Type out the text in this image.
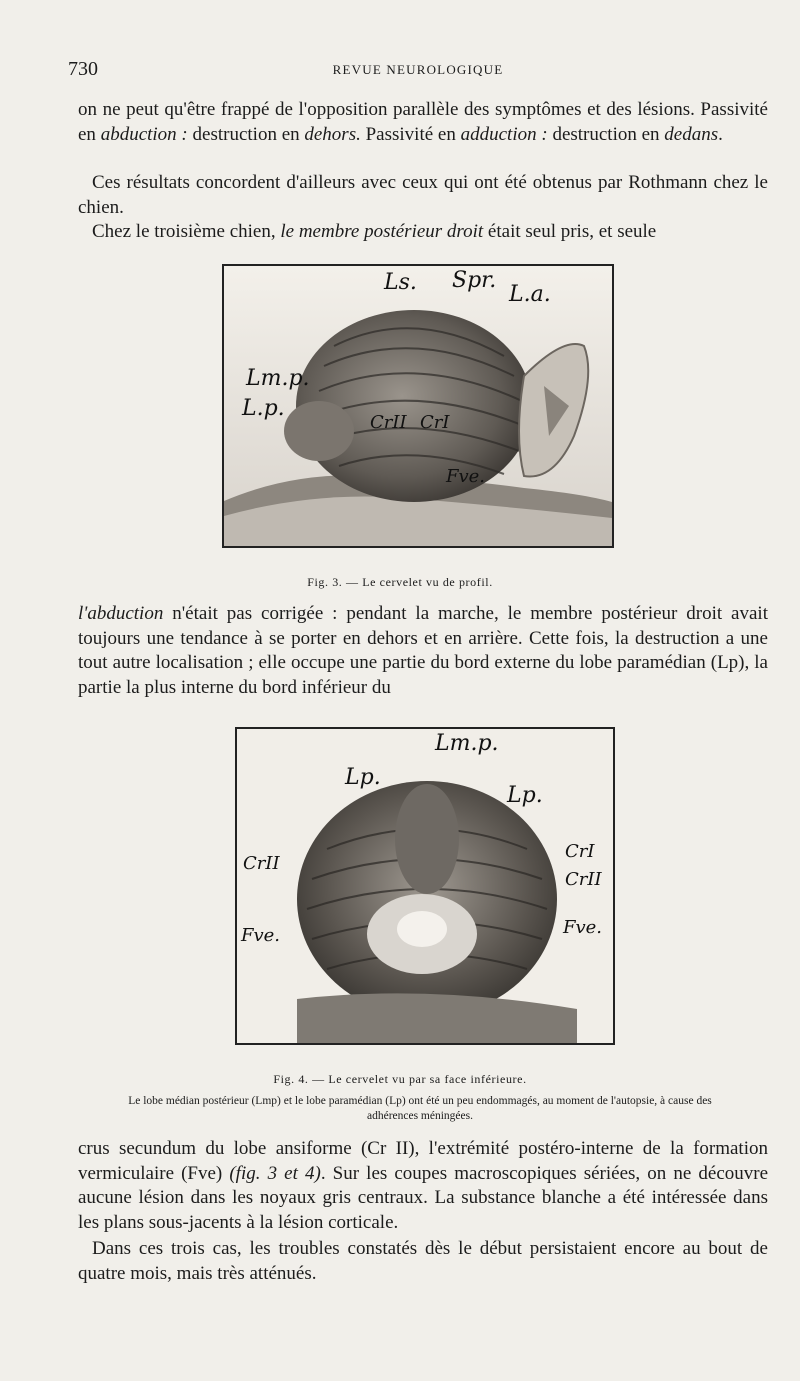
730	REVUE NEUROLOGIQUE

on ne peut qu'être frappé de l'opposition parallèle des symptômes et des lésions. Passivité en abduction : destruction en dehors. Passivité en adduction : destruction en dedans.

Ces résultats concordent d'ailleurs avec ceux qui ont été obtenus par Rothmann chez le chien.

Chez le troisième chien, le membre postérieur droit était seul pris, et seule

Ls. Spr.
L.a.
Lm.p.
L.p.
CrII CrI
Fve.

Fig. 3. — Le cervelet vu de profil.

l'abduction n'était pas corrigée : pendant la marche, le membre postérieur droit avait toujours une tendance à se porter en dehors et en arrière. Cette fois, la destruction a une tout autre localisation ; elle occupe une partie du bord externe du lobe paramédian (Lp), la partie la plus interne du bord inférieur du

Lm.p.
Lp.
Lp.
CrII
CrI
CrII
Fve.	Fve.

Fig. 4. — Le cervelet vu par sa face inférieure.

Le lobe médian postérieur (Lmp) et le lobe paramédian (Lp) ont été un peu endommagés, au moment de l'autopsie, à cause des adhérences méningées.

crus secundum du lobe ansiforme (Cr II), l'extrémité postéro-interne de la formation vermiculaire (Fve) (fig. 3 et 4). Sur les coupes macroscopiques sériées, on ne découvre aucune lésion dans les noyaux gris centraux. La substance blanche a été intéressée dans les plans sous-jacents à la lésion corticale.

Dans ces trois cas, les troubles constatés dès le début persistaient encore au bout de quatre mois, mais très atténués.
